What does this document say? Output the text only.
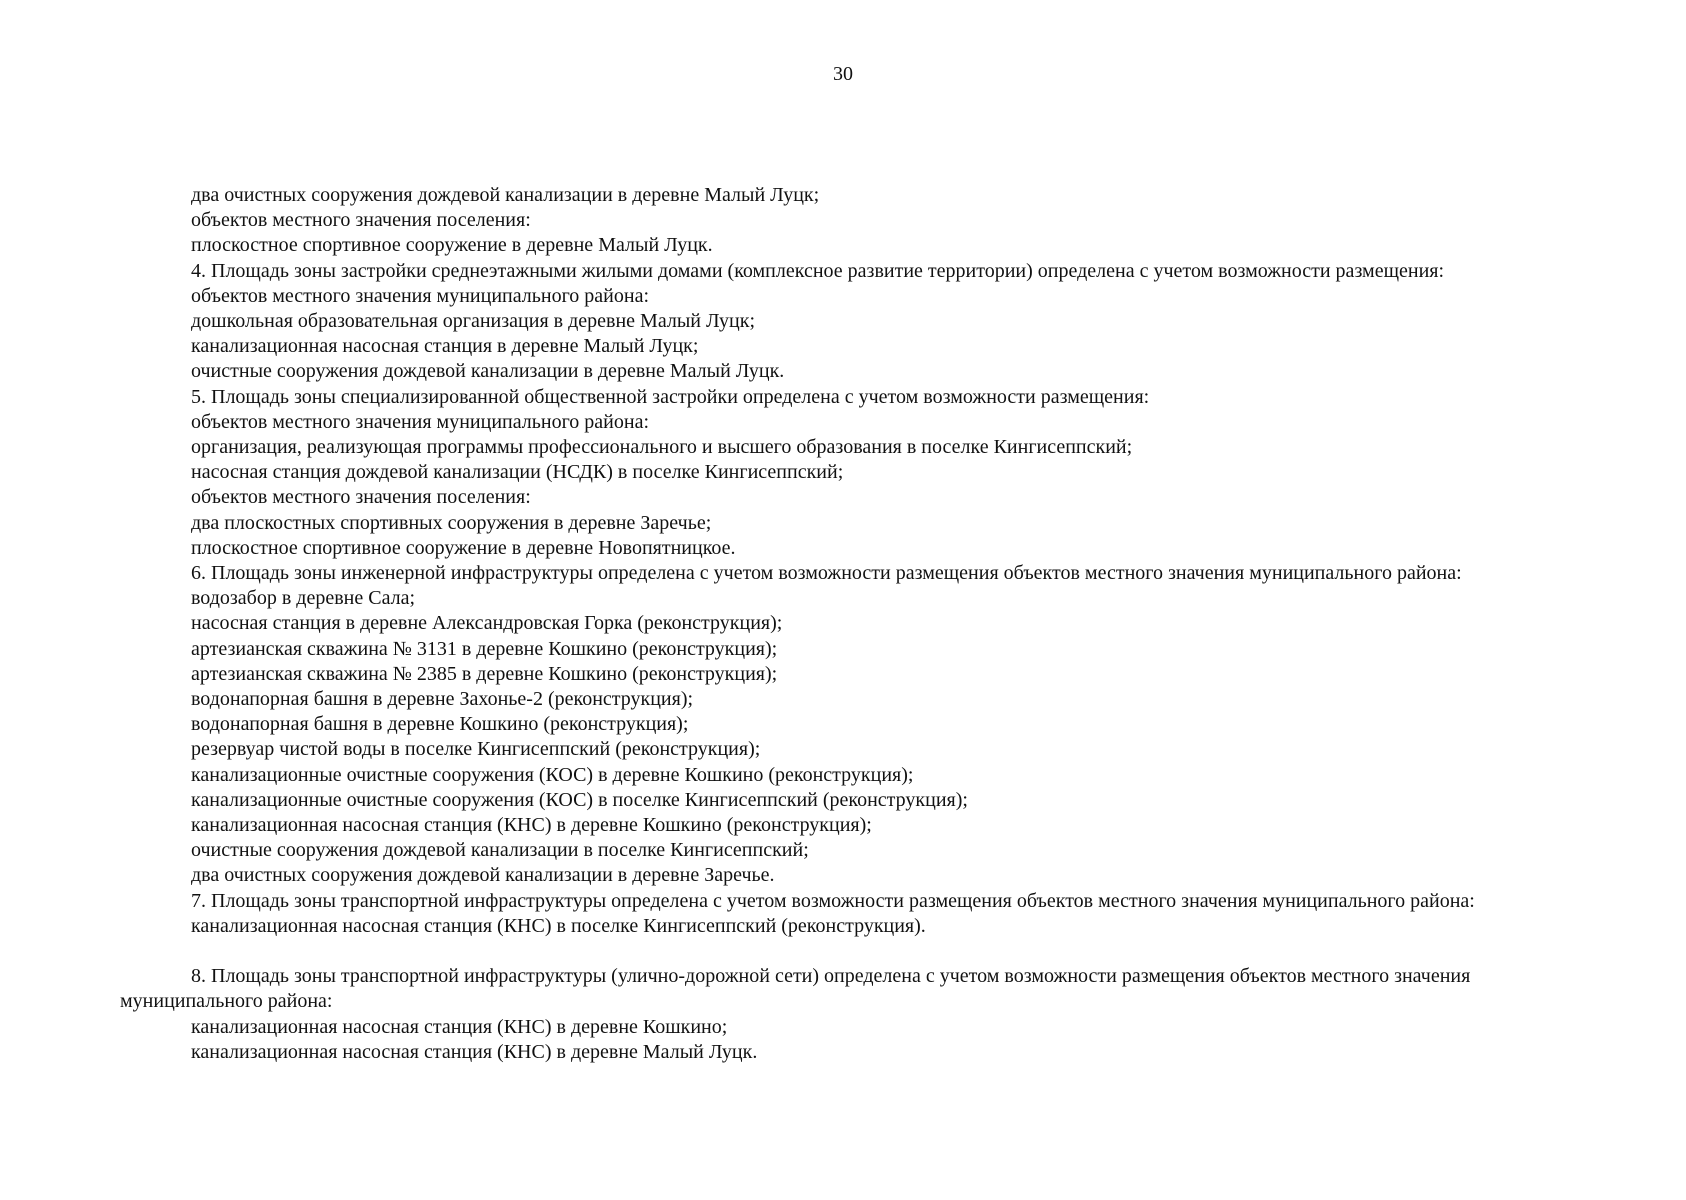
30
два очистных сооружения дождевой канализации в деревне Малый Луцк;
объектов местного значения поселения:
плоскостное спортивное сооружение в деревне Малый Луцк.
4. Площадь зоны застройки среднеэтажными жилыми домами (комплексное развитие территории) определена с учетом возможности размещения:
объектов местного значения муниципального района:
дошкольная образовательная организация в деревне Малый Луцк;
канализационная насосная станция в деревне Малый Луцк;
очистные сооружения дождевой канализации в деревне Малый Луцк.
5. Площадь зоны специализированной общественной застройки определена с учетом возможности размещения:
объектов местного значения муниципального района:
организация, реализующая программы профессионального и высшего образования в поселке Кингисеппский;
насосная станция дождевой канализации (НСДК) в поселке Кингисеппский;
объектов местного значения поселения:
два плоскостных спортивных сооружения в деревне Заречье;
плоскостное спортивное сооружение в деревне Новопятницкое.
6. Площадь зоны инженерной инфраструктуры определена с учетом возможности размещения объектов местного значения муниципального района:
водозабор в деревне Сала;
насосная станция в деревне Александровская Горка (реконструкция);
артезианская скважина № 3131 в деревне Кошкино (реконструкция);
артезианская скважина № 2385 в деревне Кошкино (реконструкция);
водонапорная башня в деревне Захонье-2 (реконструкция);
водонапорная башня в деревне Кошкино (реконструкция);
резервуар чистой воды в поселке Кингисеппский (реконструкция);
канализационные очистные сооружения (КОС) в деревне Кошкино (реконструкция);
канализационные очистные сооружения (КОС) в поселке Кингисеппский (реконструкция);
канализационная насосная станция (КНС) в деревне Кошкино (реконструкция);
очистные сооружения дождевой канализации в поселке Кингисеппский;
два очистных сооружения дождевой канализации в деревне Заречье.
7. Площадь зоны транспортной инфраструктуры определена с учетом возможности размещения объектов местного значения муниципального района:
канализационная насосная станция (КНС) в поселке Кингисеппский (реконструкция).
8. Площадь зоны транспортной инфраструктуры (улично-дорожной сети) определена с учетом возможности размещения объектов местного значения
муниципального района:
канализационная насосная станция (КНС) в деревне Кошкино;
канализационная насосная станция (КНС) в деревне Малый Луцк.
